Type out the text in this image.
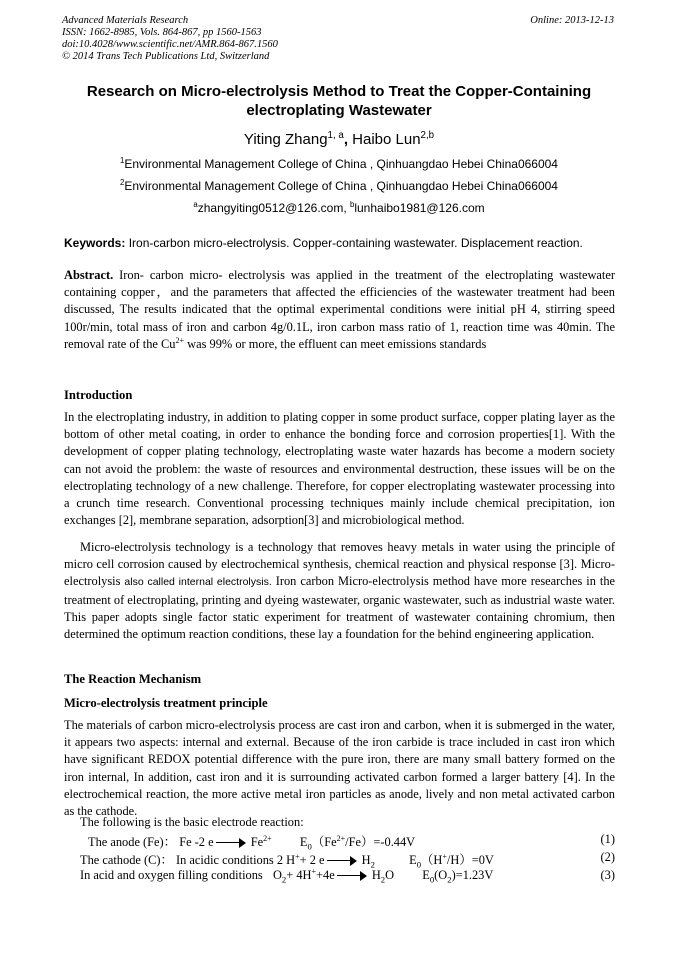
Advanced Materials Research
ISSN: 1662-8985, Vols. 864-867, pp 1560-1563
doi:10.4028/www.scientific.net/AMR.864-867.1560
© 2014 Trans Tech Publications Ltd, Switzerland
Online: 2013-12-13
Research on Micro-electrolysis Method to Treat the Copper-Containing
electroplating Wastewater
Yiting Zhang$^{1, a}$, Haibo Lun$^{2,b}$
$^1$Environmental Management College of China , Qinhuangdao Hebei China066004
$^2$Environmental Management College of China , Qinhuangdao Hebei China066004
$^a$zhangyiting0512@126.com, $^b$lunhaibo1981@126.com
Keywords: Iron-carbon micro-electrolysis. Copper-containing wastewater. Displacement reaction.
Abstract. Iron- carbon micro- electrolysis was applied in the treatment of the electroplating wastewater containing copper，and the parameters that affected the efficiencies of the wastewater treatment had been discussed, The results indicated that the optimal experimental conditions were initial pH 4, stirring speed 100r/min, total mass of iron and carbon 4g/0.1L, iron carbon mass ratio of 1, reaction time was 40min. The removal rate of the $Cu^{2+}$ was 99% or more, the effluent can meet emissions standards
Introduction
In the electroplating industry, in addition to plating copper in some product surface, copper plating layer as the bottom of other metal coating, in order to enhance the bonding force and corrosion properties[1]. With the development of copper plating technology, electroplating waste water hazards has become a modern society can not avoid the problem: the waste of resources and environmental destruction, these issues will be on the electroplating technology of a new challenge. Therefore, for copper electroplating wastewater processing into a crunch time research. Conventional processing techniques mainly include chemical precipitation, ion exchanges [2], membrane separation, adsorption[3] and microbiological method.
Micro-electrolysis technology is a technology that removes heavy metals in water using the principle of micro cell corrosion caused by electrochemical synthesis, chemical reaction and physical response [3]. Micro-electrolysis also called internal electrolysis. Iron carbon Micro-electrolysis method have more researches in the treatment of electroplating, printing and dyeing wastewater, organic wastewater, such as industrial waste water. This paper adopts single factor static experiment for treatment of wastewater containing chromium, then determined the optimum reaction conditions, these lay a foundation for the behind engineering application.
The Reaction Mechanism
Micro-electrolysis treatment principle
The materials of carbon micro-electrolysis process are cast iron and carbon, when it is submerged in the water, it appears two aspects: internal and external. Because of the iron carbide is trace included in cast iron which have significant REDOX potential difference with the pure iron, there are many small battery formed on the iron internal, In addition, cast iron and it is surrounding activated carbon formed a larger battery [4]. In the electrochemical reaction, the more active metal iron particles as anode, lively and non metal activated carbon as the cathode.
The following is the basic electrode reaction:
The anode (Fe)： Fe -2 e	$Fe^{2+}$ $E_0(Fe^{2+}/Fe)=-0.44V$	(1)
The cathode (C)： In acidic conditions 2 H++ 2 e	$H_2$	$E_0(H^+/H)=0V$	(2)
In acid and oxygen filling conditions $O_2+ 4H^++4e$	$H_2O$ $E_0(O_2)=1.23V$	(3)
